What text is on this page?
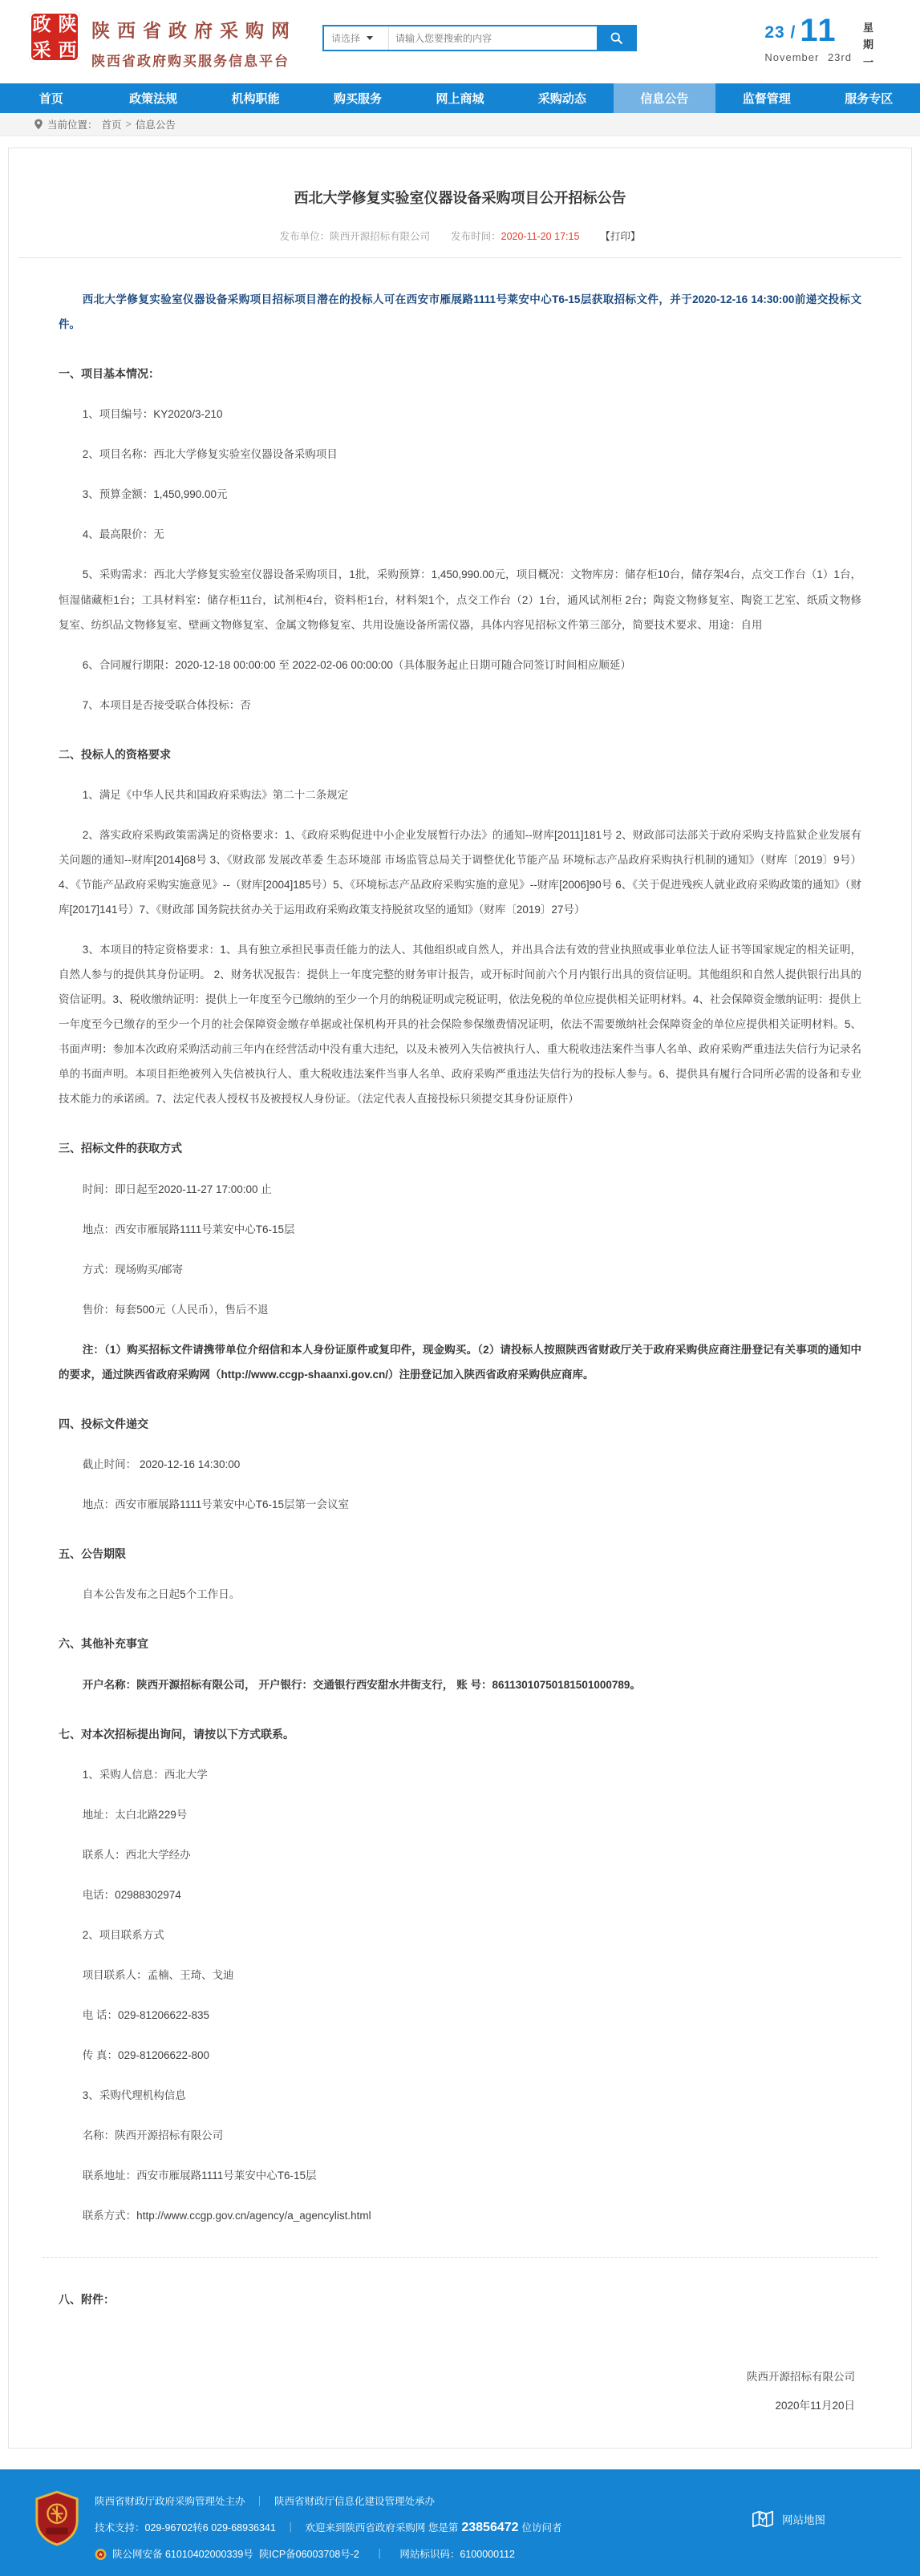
政 陕
采 西
陕西省政府采购网
陕西省政府购买服务信息平台
请选择
请输入您要搜索的内容	23 / 11
November 23rd
星
期
一
首页	政策法规	机构职能	购买服务	网上商城	采购动态	信息公告	监督管理	服务专区
当前位置： 首页 > 信息公告
西北大学修复实验室仪器设备采购项目公开招标公告
发布单位：陕西开源招标有限公司 发布时间：2020-11-20 17:15 【打印】

西北大学修复实验室仪器设备采购项目招标项目潜在的投标人可在西安市雁展路1111号莱安中心T6-15层获取招标文件，并于2020-12-16 14:30:00前递交投标文件。

一、项目基本情况：

1、项目编号：KY2020/3-210

2、项目名称：西北大学修复实验室仪器设备采购项目

3、预算金额：1,450,990.00元

4、最高限价：无

5、采购需求：西北大学修复实验室仪器设备采购项目，1批，采购预算：1,450,990.00元，项目概况：文物库房：储存柜10台，储存架4台，点交工作台（1）1台，恒湿储藏柜1台；工具材料室：储存柜11台，试剂柜4台，资料柜1台，材料架1个，点交工作台（2）1台，通风试剂柜 2台；陶瓷文物修复室、陶瓷工艺室、纸质文物修复室、纺织品文物修复室、壁画文物修复室、金属文物修复室、共用设施设备所需仪器，具体内容见招标文件第三部分，简要技术要求、用途：自用

6、合同履行期限：2020-12-18 00:00:00 至 2022-02-06 00:00:00（具体服务起止日期可随合同签订时间相应顺延）

7、本项目是否接受联合体投标：否

二、投标人的资格要求

1、满足《中华人民共和国政府采购法》第二十二条规定

2、落实政府采购政策需满足的资格要求：1、《政府采购促进中小企业发展暂行办法》的通知--财库[2011]181号 2、财政部司法部关于政府采购支持监狱企业发展有关问题的通知--财库[2014]68号 3、《财政部 发展改革委 生态环境部 市场监管总局关于调整优化节能产品 环境标志产品政府采购执行机制的通知》（财库〔2019〕9号）4、《节能产品政府采购实施意见》--（财库[2004]185号）5、《环境标志产品政府采购实施的意见》--财库[2006]90号 6、《关于促进残疾人就业政府采购政策的通知》（财库[2017]141号）7、《财政部 国务院扶贫办关于运用政府采购政策支持脱贫攻坚的通知》（财库〔2019〕27号）

3、本项目的特定资格要求：1、具有独立承担民事责任能力的法人、其他组织或自然人，并出具合法有效的营业执照或事业单位法人证书等国家规定的相关证明，自然人参与的提供其身份证明。 2、财务状况报告：提供上一年度完整的财务审计报告，或开标时间前六个月内银行出具的资信证明。其他组织和自然人提供银行出具的资信证明。3、税收缴纳证明：提供上一年度至今已缴纳的至少一个月的纳税证明或完税证明，依法免税的单位应提供相关证明材料。4、社会保障资金缴纳证明：提供上一年度至今已缴存的至少一个月的社会保障资金缴存单据或社保机构开具的社会保险参保缴费情况证明，依法不需要缴纳社会保障资金的单位应提供相关证明材料。5、书面声明：参加本次政府采购活动前三年内在经营活动中没有重大违纪，以及未被列入失信被执行人、重大税收违法案件当事人名单、政府采购严重违法失信行为记录名单的书面声明。本项目拒绝被列入失信被执行人、重大税收违法案件当事人名单、政府采购严重违法失信行为的投标人参与。6、提供具有履行合同所必需的设备和专业技术能力的承诺函。7、法定代表人授权书及被授权人身份证。（法定代表人直接投标只须提交其身份证原件）

三、招标文件的获取方式

时间：即日起至2020-11-27 17:00:00 止

地点：西安市雁展路1111号莱安中心T6-15层

方式：现场购买/邮寄

售价：每套500元（人民币），售后不退

注：（1）购买招标文件请携带单位介绍信和本人身份证原件或复印件，现金购买。（2）请投标人按照陕西省财政厅关于政府采购供应商注册登记有关事项的通知中的要求，通过陕西省政府采购网（http://www.ccgp-shaanxi.gov.cn/）注册登记加入陕西省政府采购供应商库。

四、投标文件递交

截止时间： 2020-12-16 14:30:00

地点：西安市雁展路1111号莱安中心T6-15层第一会议室

五、公告期限

自本公告发布之日起5个工作日。

六、其他补充事宜

开户名称：陕西开源招标有限公司， 开户银行：交通银行西安甜水井街支行， 账 号：86113010750181501000789。

七、对本次招标提出询问，请按以下方式联系。

1、采购人信息：西北大学

地址：太白北路229号

联系人：西北大学经办

电话：02988302974

2、项目联系方式

项目联系人：孟楠、王琦、戈迪

电 话：029-81206622-835

传 真：029-81206622-800

3、采购代理机构信息

名称：陕西开源招标有限公司

联系地址：西安市雁展路1111号莱安中心T6-15层

联系方式：http://www.ccgp.gov.cn/agency/a_agencylist.html

八、附件：

陕西开源招标有限公司
2020年11月20日
陕西省财政厅政府采购管理处主办 ｜ 陕西省财政厅信息化建设管理处承办
技术支持：029-96702转6 029-68936341 ｜ 欢迎来到陕西省政府采购网 您是第 23856472 位访问者
陕公网安备 61010402000339号 陕ICP备06003708号-2	｜	网站标识码：6100000112
网站地图
